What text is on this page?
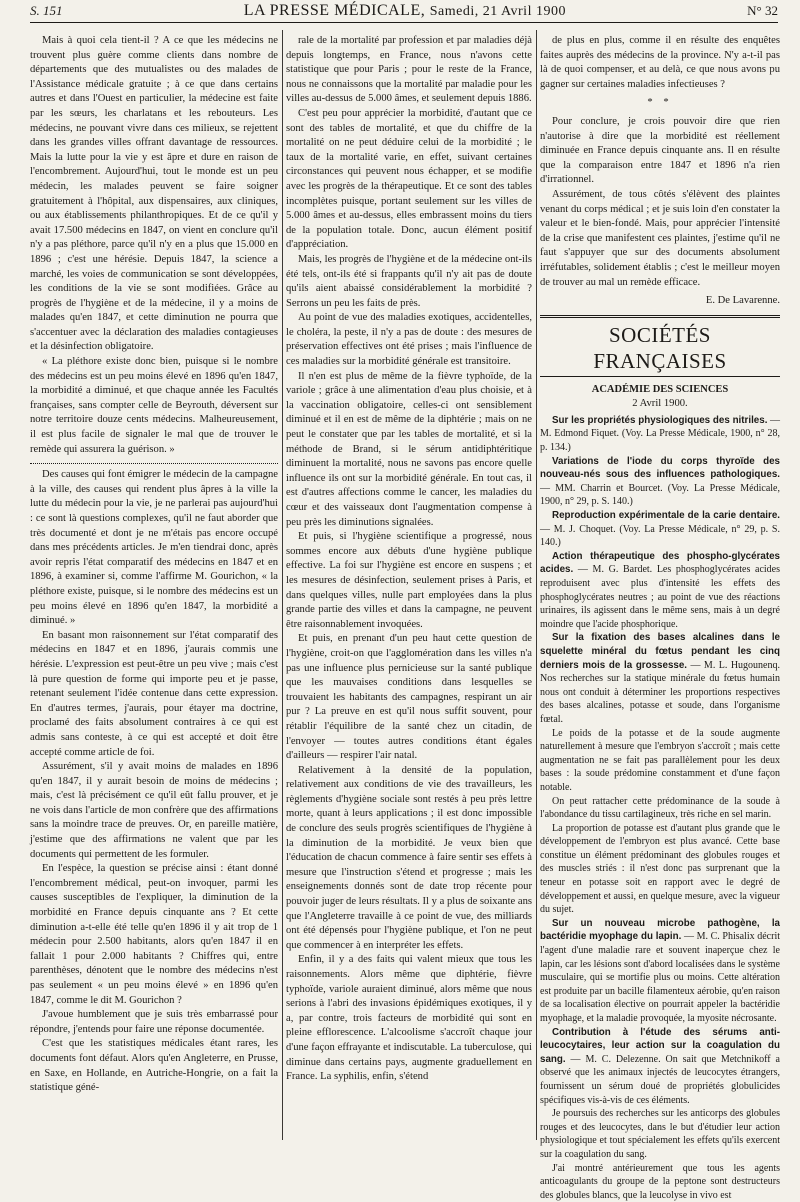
S. 151	LA PRESSE MÉDICALE, Samedi, 21 Avril 1900	N° 32

Mais à quoi cela tient-il ? A ce que les médecins ne trouvent plus guère comme clients dans nombre de départements que des mutualistes ou des malades de l'Assistance médicale gratuite ; à ce que dans certains autres et dans l'Ouest en particulier, la médecine est faite par les sœurs, les charlatans et les rebouteurs. Les médecins, ne pouvant vivre dans ces milieux, se rejettent dans les grandes villes offrant davantage de ressources. Mais la lutte pour la vie y est âpre et dure en raison de l'encombrement. Aujourd'hui, tout le monde est un peu médecin, les malades peuvent se faire soigner gratuitement à l'hôpital, aux dispensaires, aux cliniques, ou aux établissements philanthropiques. Et de ce qu'il y avait 17.500 médecins en 1847, on vient en conclure qu'il n'y a pas pléthore, parce qu'il n'y en a plus que 15.000 en 1896 ; c'est une hérésie. Depuis 1847, la science a marché, les voies de communication se sont développées, les conditions de la vie se sont modifiées. Grâce au progrès de l'hygiène et de la médecine, il y a moins de malades qu'en 1847, et cette diminution ne pourra que s'accentuer avec la déclaration des maladies contagieuses et la désinfection obligatoire.

« La pléthore existe donc bien, puisque si le nombre des médecins est un peu moins élevé en 1896 qu'en 1847, la morbidité a diminué, et que chaque année les Facultés françaises, sans compter celle de Beyrouth, déversent sur notre territoire douze cents médecins. Malheureusement, il est plus facile de signaler le mal que de trouver le remède qui assurera la guérison. »

Des causes qui font émigrer le médecin de la campagne à la ville, des causes qui rendent plus âpres à la ville la lutte du médecin pour la vie, je ne parlerai pas aujourd'hui : ce sont là questions complexes, qu'il ne faut aborder que très documenté et dont je ne m'étais pas encore occupé dans mes précédents articles. Je m'en tiendrai donc, après avoir repris l'état comparatif des médecins en 1847 et en 1896, à examiner si, comme l'affirme M. Gourichon, « la pléthore existe, puisque, si le nombre des médecins est un peu moins élevé en 1896 qu'en 1847, la morbidité a diminué. »

En basant mon raisonnement sur l'état comparatif des médecins en 1847 et en 1896, j'aurais commis une hérésie. L'expression est peut-être un peu vive ; mais c'est là pure question de forme qui importe peu et je passe, retenant seulement l'idée contenue dans cette expression. En d'autres termes, j'aurais, pour étayer ma doctrine, proclamé des faits absolument contraires à ce qui est admis sans conteste, à ce qui est accepté et doit être accepté comme article de foi.

Assurément, s'il y avait moins de malades en 1896 qu'en 1847, il y aurait besoin de moins de médecins ; mais, c'est là précisément ce qu'il eût fallu prouver, et je ne vois dans l'article de mon confrère que des affirmations sans la moindre trace de preuves. Or, en pareille matière, j'estime que des affirmations ne valent que par les documents qui permettent de les formuler.

En l'espèce, la question se précise ainsi : étant donné l'encombrement médical, peut-on invoquer, parmi les causes susceptibles de l'expliquer, la diminution de la morbidité en France depuis cinquante ans ? Et cette diminution a-t-elle été telle qu'en 1896 il y ait trop de 1 médecin pour 2.500 habitants, alors qu'en 1847 il en fallait 1 pour 2.000 habitants ? Chiffres qui, entre parenthèses, dénotent que le nombre des médecins n'est pas seulement « un peu moins élevé » en 1896 qu'en 1847, comme le dit M. Gourichon ?

J'avoue humblement que je suis très embarrassé pour répondre, j'entends pour faire une réponse documentée.

C'est que les statistiques médicales étant rares, les documents font défaut. Alors qu'en Angleterre, en Prusse, en Saxe, en Hollande, en Autriche-Hongrie, on a fait la statistique géné-

rale de la mortalité par profession et par maladies déjà depuis longtemps, en France, nous n'avons cette statistique que pour Paris ; pour le reste de la France, nous ne connaissons que la mortalité par maladie pour les villes au-dessus de 5.000 âmes, et seulement depuis 1886.

C'est peu pour apprécier la morbidité, d'autant que ce sont des tables de mortalité, et que du chiffre de la mortalité on ne peut déduire celui de la morbidité ; le taux de la mortalité varie, en effet, suivant certaines circonstances qui peuvent nous échapper, et se modifie avec les progrès de la thérapeutique. Et ce sont des tables incomplètes puisque, portant seulement sur les villes de 5.000 âmes et au-dessus, elles embrassent moins du tiers de la population totale. Donc, aucun élément positif d'appréciation.

Mais, les progrès de l'hygiène et de la médecine ont-ils été tels, ont-ils été si frappants qu'il n'y ait pas de doute qu'ils aient abaissé considérablement la morbidité ? Serrons un peu les faits de près.

Au point de vue des maladies exotiques, accidentelles, le choléra, la peste, il n'y a pas de doute : des mesures de préservation effectives ont été prises ; mais l'influence de ces maladies sur la morbidité générale est transitoire.

Il n'en est plus de même de la fièvre typhoïde, de la variole ; grâce à une alimentation d'eau plus choisie, et à la vaccination obligatoire, celles-ci ont sensiblement diminué et il en est de même de la diphtérie ; mais on ne peut le constater que par les tables de mortalité, et si la méthode de Brand, si le sérum antidiphtéritique diminuent la mortalité, nous ne savons pas encore quelle influence ils ont sur la morbidité générale. En tout cas, il est d'autres affections comme le cancer, les maladies du cœur et des vaisseaux dont l'augmentation compense à peu près les diminutions signalées.

Et puis, si l'hygiène scientifique a progressé, nous sommes encore aux débuts d'une hygiène publique effective. La foi sur l'hygiène est encore en suspens ; et les mesures de désinfection, seulement prises à Paris, et dans quelques villes, nulle part employées dans la plus grande partie des villes et dans la campagne, ne peuvent être raisonnablement invoquées.

Et puis, en prenant d'un peu haut cette question de l'hygiène, croit-on que l'agglomération dans les villes n'a pas une influence plus pernicieuse sur la santé publique que les mauvaises conditions dans lesquelles se trouvaient les habitants des campagnes, respirant un air pur ? La preuve en est qu'il nous suffit souvent, pour rétablir l'équilibre de la santé chez un citadin, de l'envoyer — toutes autres conditions étant égales d'ailleurs — respirer l'air natal.

Relativement à la densité de la population, relativement aux conditions de vie des travailleurs, les règlements d'hygiène sociale sont restés à peu près lettre morte, quant à leurs applications ; il est donc impossible de conclure des seuls progrès scientifiques de l'hygiène à la diminution de la morbidité. Je veux bien que l'éducation de chacun commence à faire sentir ses effets à mesure que l'instruction s'étend et progresse ; mais les enseignements donnés sont de date trop récente pour pouvoir juger de leurs résultats. Il y a plus de soixante ans que l'Angleterre travaille à ce point de vue, des milliards ont été dépensés pour l'hygiène publique, et l'on ne peut que commencer à en interpréter les effets.

Enfin, il y a des faits qui valent mieux que tous les raisonnements. Alors même que diphtérie, fièvre typhoïde, variole auraient diminué, alors même que nous serions à l'abri des invasions épidémiques exotiques, il y a, par contre, trois facteurs de morbidité qui sont en pleine efflorescence. L'alcoolisme s'accroît chaque jour d'une façon effrayante et indiscutable. La tuberculose, qui diminue dans certains pays, augmente graduellement en France. La syphilis, enfin, s'étend

de plus en plus, comme il en résulte des enquêtes faites auprès des médecins de la province. N'y a-t-il pas là de quoi compenser, et au delà, ce que nous avons pu gagner sur certaines maladies infectieuses ?

* *

Pour conclure, je crois pouvoir dire que rien n'autorise à dire que la morbidité est réellement diminuée en France depuis cinquante ans. Il en résulte que la comparaison entre 1847 et 1896 n'a rien d'irrationnel.

Assurément, de tous côtés s'élèvent des plaintes venant du corps médical ; et je suis loin d'en constater la valeur et le bien-fondé. Mais, pour apprécier l'intensité de la crise que manifestent ces plaintes, j'estime qu'il ne faut s'appuyer que sur des documents absolument irréfutables, solidement établis ; c'est le meilleur moyen de trouver au mal un remède efficace.

E. De Lavarenne.

SOCIÉTÉS FRANÇAISES

ACADÉMIE DES SCIENCES

2 Avril 1900.

Sur les propriétés physiologiques des nitriles. — M. Edmond Fiquet. (Voy. La Presse Médicale, 1900, n° 28, p. 134.)

Variations de l'iode du corps thyroïde des nouveau-nés sous des influences pathologiques. — MM. Charrin et Bourcet. (Voy. La Presse Médicale, 1900, n° 29, p. S. 140.)

Reproduction expérimentale de la carie dentaire. — M. J. Choquet. (Voy. La Presse Médicale, n° 29, p. S. 140.)

Action thérapeutique des phospho-glycérates acides. — M. G. Bardet. Les phosphoglycérates acides reproduisent avec plus d'intensité les effets des phosphoglycérates neutres ; au point de vue des réactions urinaires, ils agissent dans le même sens, mais à un degré moindre que l'acide phosphorique.

Sur la fixation des bases alcalines dans le squelette minéral du fœtus pendant les cinq derniers mois de la grossesse. — M. L. Hugounenq. Nos recherches sur la statique minérale du fœtus humain nous ont conduit à déterminer les proportions respectives des bases alcalines, potasse et soude, dans l'organisme fœtal.

Le poids de la potasse et de la soude augmente naturellement à mesure que l'embryon s'accroît ; mais cette augmentation ne se fait pas parallèlement pour les deux bases : la soude prédomine constamment et d'une façon notable.

On peut rattacher cette prédominance de la soude à l'abondance du tissu cartilagineux, très riche en sel marin.

La proportion de potasse est d'autant plus grande que le développement de l'embryon est plus avancé. Cette base constitue un élément prédominant des globules rouges et des muscles striés : il n'est donc pas surprenant que la teneur en potasse soit en rapport avec le degré de développement et aussi, en quelque mesure, avec la vigueur du sujet.

Sur un nouveau microbe pathogène, la bactéridie myophage du lapin. — M. C. Phisalix décrit l'agent d'une maladie rare et souvent inaperçue chez le lapin, car les lésions sont d'abord localisées dans le système musculaire, qui se mortifie plus ou moins. Cette altération est produite par un bacille filamenteux aérobie, qu'en raison de sa localisation élective on pourrait appeler la bactéridie myophage, et la maladie provoquée, la myosite nécrosante.

Contribution à l'étude des sérums anti-leucocytaires, leur action sur la coagulation du sang. — M. C. Delezenne. On sait que Metchnikoff a observé que les animaux injectés de leucocytes étrangers, fournissent un sérum doué de propriétés globulicides spécifiques vis-à-vis de ces éléments.

Je poursuis des recherches sur les anticorps des globules rouges et des leucocytes, dans le but d'étudier leur action physiologique et tout spécialement les effets qu'ils exercent sur la coagulation du sang.

J'ai montré antérieurement que tous les agents anticoagulants du groupe de la peptone sont destructeurs des globules blancs, que la leucolyse in vivo est
